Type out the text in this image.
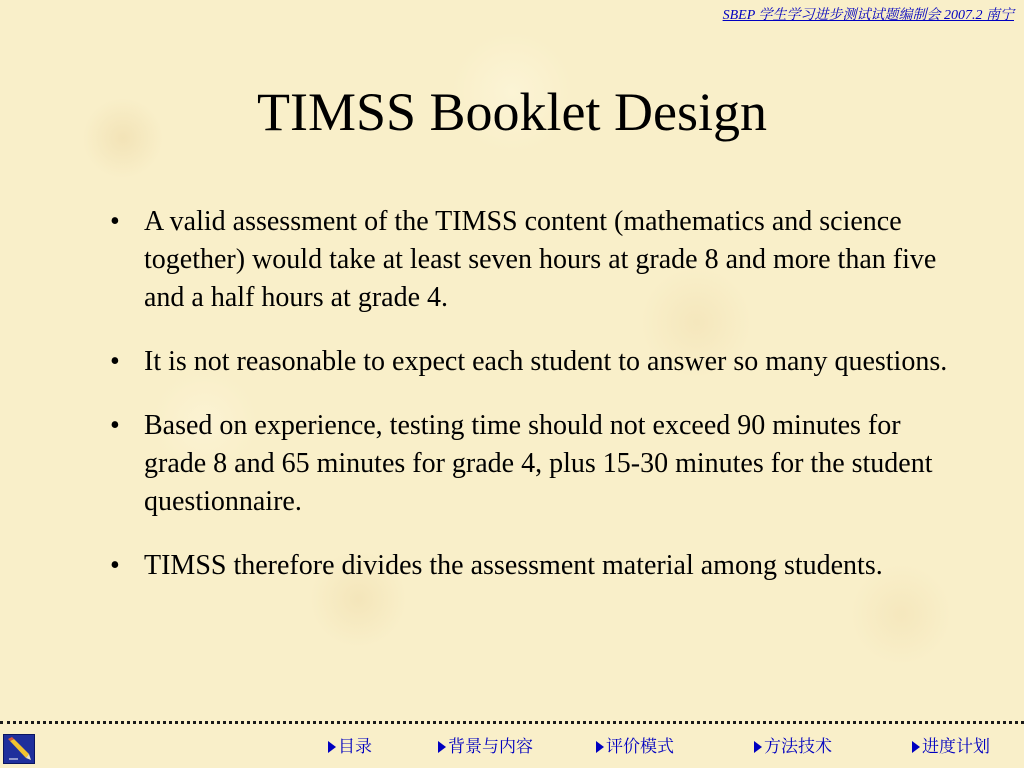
SBEP 学生学习进步测试试题编制会 2007.2 南宁
TIMSS Booklet Design
•
A valid assessment of the TIMSS content (mathematics and science together) would take at least seven hours at grade 8 and more than five and a half hours at grade 4.
•
It is not reasonable to expect each student to answer so many questions.
•
Based on experience, testing time should not exceed 90 minutes for grade 8 and 65 minutes for grade 4, plus 15-30 minutes for the student questionnaire.
•
TIMSS therefore divides the assessment material among students.
目录	背景与内容	评价模式	方法技术	进度计划
